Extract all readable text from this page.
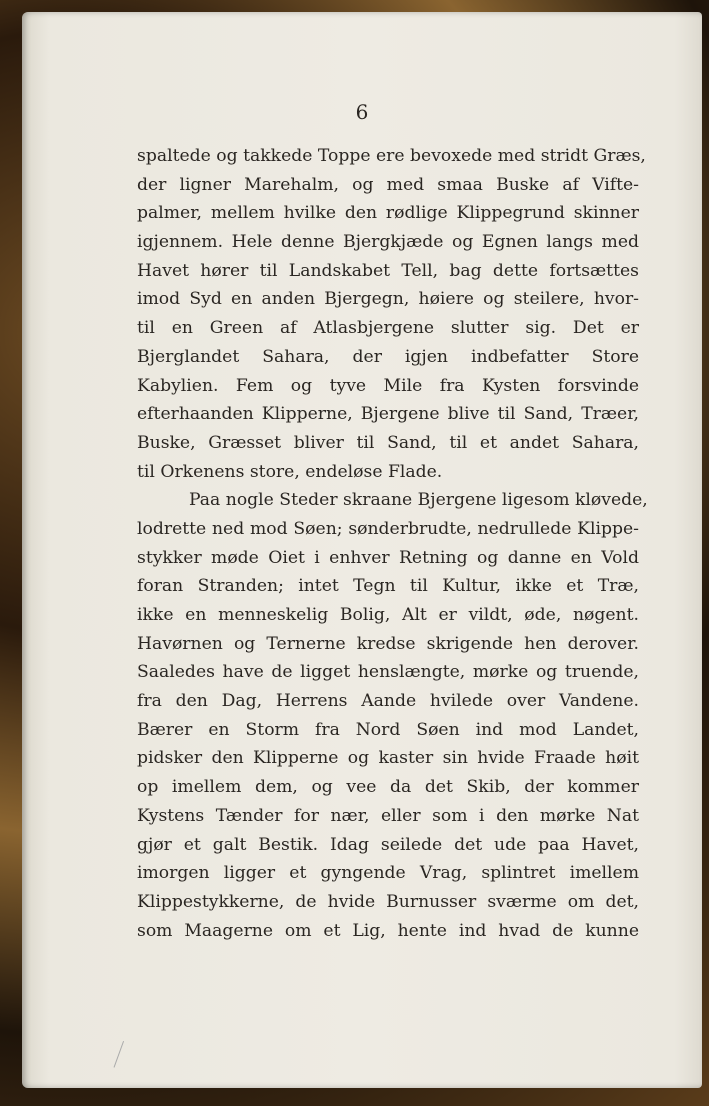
6
spaltede og takkede Toppe ere bevoxede med stridt Græs,
der ligner Marehalm, og med smaa Buske af Vifte-
palmer, mellem hvilke den rødlige Klippegrund skinner
igjennem. Hele denne Bjergkjæde og Egnen langs med
Havet hører til Landskabet Tell, bag dette fortsættes
imod Syd en anden Bjergegn, høiere og steilere, hvor-
til en Green af Atlasbjergene slutter sig. Det er
Bjerglandet Sahara, der igjen indbefatter Store
Kabylien. Fem og tyve Mile fra Kysten forsvinde
efterhaanden Klipperne, Bjergene blive til Sand, Træer,
Buske, Græsset bliver til Sand, til et andet Sahara,
til Orkenens store, endeløse Flade.
Paa nogle Steder skraane Bjergene ligesom kløvede,
lodrette ned mod Søen; sønderbrudte, nedrullede Klippe-
stykker møde Oiet i enhver Retning og danne en Vold
foran Stranden; intet Tegn til Kultur, ikke et Træ,
ikke en menneskelig Bolig, Alt er vildt, øde, nøgent.
Havørnen og Ternerne kredse skrigende hen derover.
Saaledes have de ligget henslængte, mørke og truende,
fra den Dag, Herrens Aande hvilede over Vandene.
Bærer en Storm fra Nord Søen ind mod Landet,
pidsker den Klipperne og kaster sin hvide Fraade høit
op imellem dem, og vee da det Skib, der kommer
Kystens Tænder for nær, eller som i den mørke Nat
gjør et galt Bestik. Idag seilede det ude paa Havet,
imorgen ligger et gyngende Vrag, splintret imellem
Klippestykkerne, de hvide Burnusser sværme om det,
som Maagerne om et Lig, hente ind hvad de kunne
